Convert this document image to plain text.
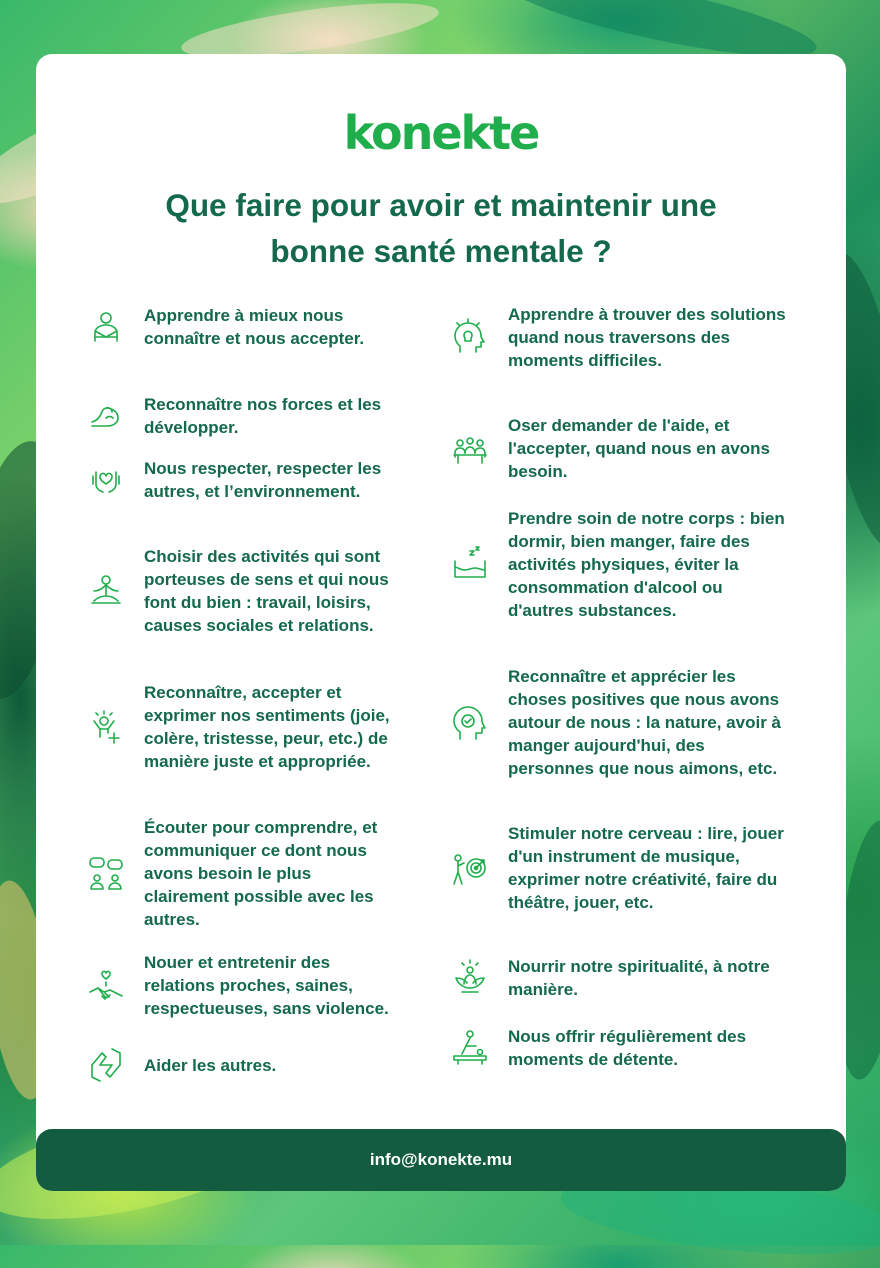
konekte
Que faire pour avoir et maintenir une
bonne santé mentale ?
Apprendre à mieux nous connaître et nous accepter.
Reconnaître nos forces et les développer.
Nous respecter, respecter les autres, et l’environnement.
Choisir des activités qui sont porteuses de sens et qui nous font du bien : travail, loisirs, causes sociales et relations.
Reconnaître, accepter et exprimer nos sentiments (joie, colère, tristesse, peur, etc.) de manière juste et appropriée.
Écouter pour comprendre, et communiquer ce dont nous avons besoin le plus clairement possible avec les autres.
Nouer et entretenir des relations proches, saines, respectueuses, sans violence.
Aider les autres.
Apprendre à trouver des solutions quand nous traversons des moments difficiles.
Oser demander de l'aide, et l'accepter, quand nous en avons besoin.
Prendre soin de notre corps : bien dormir, bien manger, faire des activités physiques, éviter la consommation d'alcool ou d'autres substances.
Reconnaître et apprécier les choses positives que nous avons autour de nous : la nature, avoir à manger aujourd'hui, des personnes que nous aimons, etc.
Stimuler notre cerveau : lire, jouer d'un instrument de musique, exprimer notre créativité, faire du théâtre, jouer, etc.
Nourrir notre spiritualité, à notre manière.
Nous offrir régulièrement des moments de détente.
info@konekte.mu
